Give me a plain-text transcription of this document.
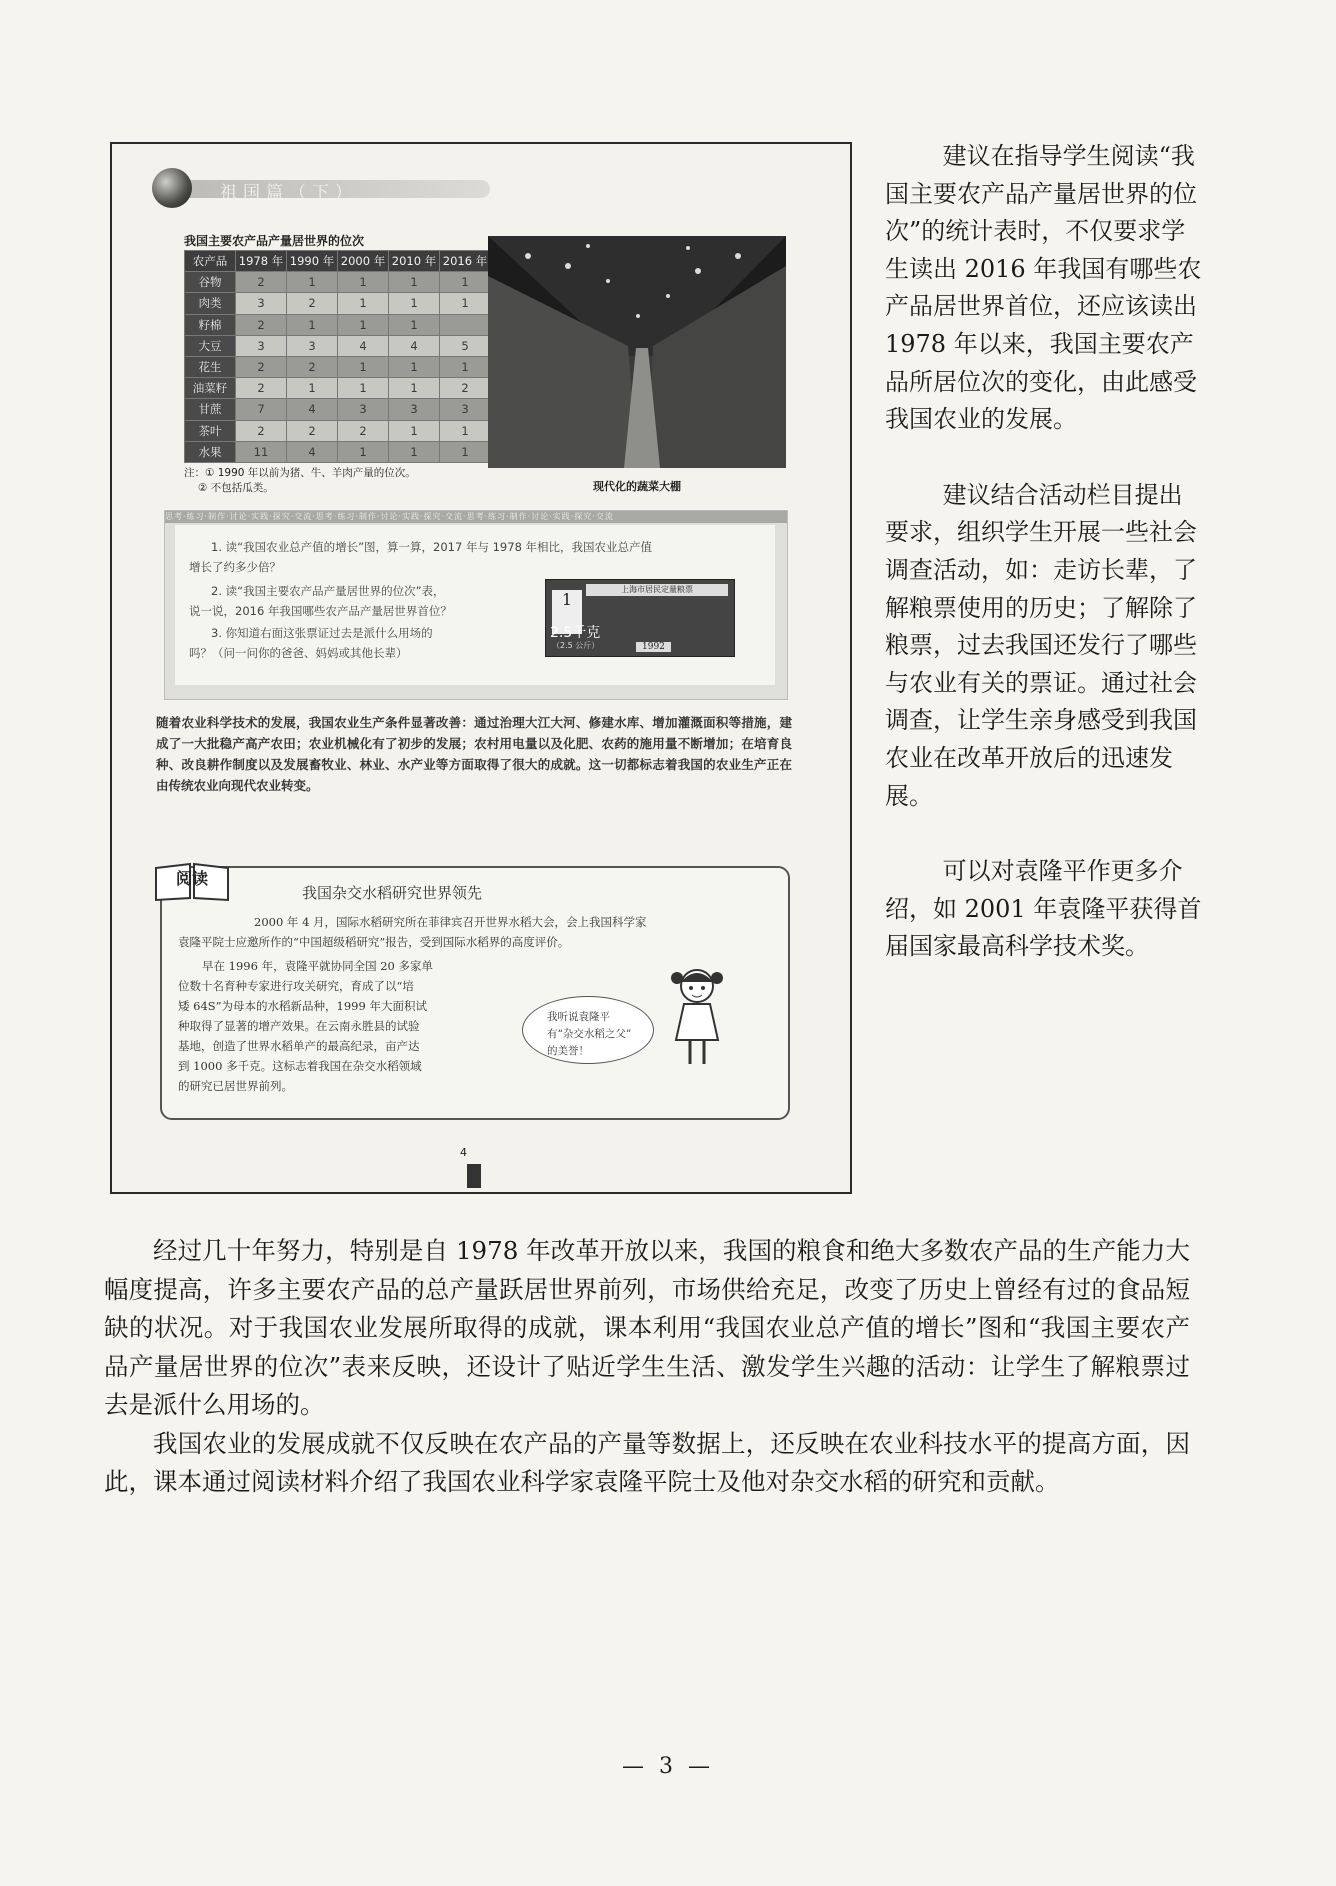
祖国篇（下）
我国主要农产品产量居世界的位次
农产品	1978 年	1990 年	2000 年	2010 年	2016 年
谷物	2	1	1	1	1
肉类	3	2	1	1	1
籽棉	2	1	1	1	
大豆	3	3	4	4	5
花生	2	2	1	1	1
油菜籽	2	1	1	1	2
甘蔗	7	4	3	3	3
茶叶	2	2	2	1	1
水果	11	4	1	1	1
注：① 1990 年以前为猪、牛、羊肉产量的位次。
② 不包括瓜类。	现代化的蔬菜大棚
思考·练习·制作·讨论·实践·探究·交流·思考·练习·制作·讨论·实践·探究·交流·思考·练习·制作·讨论·实践·探究·交流
1. 读“我国农业总产值的增长”图，算一算，2017 年与 1978 年相比，我国农业总产值
增长了约多少倍？
2. 读“我国主要农产品产量居世界的位次”表，
说一说，2016 年我国哪些农产品产量居世界首位？
3. 你知道右面这张票证过去是派什么用场的
吗？（问一问你的爸爸、妈妈或其他长辈）
上海市居民定量粮票
1
2.5千克
（2.5 公斤）	1992
随着农业科学技术的发展，我国农业生产条件显著改善：通过治理大江大河、修建水库、增加灌溉面积等措施，建成了一大批稳产高产农田；农业机械化有了初步的发展；农村用电量以及化肥、农药的施用量不断增加；在培育良种、改良耕作制度以及发展畜牧业、林业、水产业等方面取得了很大的成就。这一切都标志着我国的农业生产正在由传统农业向现代农业转变。
阅读
我国杂交水稻研究世界领先
2000 年 4 月，国际水稻研究所在菲律宾召开世界水稻大会，会上我国科学家
袁隆平院士应邀所作的“中国超级稻研究”报告，受到国际水稻界的高度评价。
早在 1996 年，袁隆平就协同全国 20 多家单
位数十名育种专家进行攻关研究，育成了以“培
矮 64S”为母本的水稻新品种，1999 年大面积试
种取得了显著的增产效果。在云南永胜县的试验
基地，创造了世界水稻单产的最高纪录，亩产达
到 1000 多千克。这标志着我国在杂交水稻领域
的研究已居世界前列。
我听说袁隆平
有“杂交水稻之父”
的美誉！
4

建议在指导学生阅读“我国主要农产品产量居世界的位次”的统计表时，不仅要求学生读出 2016 年我国有哪些农产品居世界首位，还应该读出 1978 年以来，我国主要农产品所居位次的变化，由此感受我国农业的发展。

建议结合活动栏目提出要求，组织学生开展一些社会调查活动，如：走访长辈，了解粮票使用的历史；了解除了粮票，过去我国还发行了哪些与农业有关的票证。通过社会调查，让学生亲身感受到我国农业在改革开放后的迅速发展。

可以对袁隆平作更多介绍，如 2001 年袁隆平获得首届国家最高科学技术奖。

经过几十年努力，特别是自 1978 年改革开放以来，我国的粮食和绝大多数农产品的生产能力大幅度提高，许多主要农产品的总产量跃居世界前列，市场供给充足，改变了历史上曾经有过的食品短缺的状况。对于我国农业发展所取得的成就，课本利用“我国农业总产值的增长”图和“我国主要农产品产量居世界的位次”表来反映，还设计了贴近学生生活、激发学生兴趣的活动：让学生了解粮票过去是派什么用场的。

我国农业的发展成就不仅反映在农产品的产量等数据上，还反映在农业科技水平的提高方面，因此，课本通过阅读材料介绍了我国农业科学家袁隆平院士及他对杂交水稻的研究和贡献。

— 3 —
